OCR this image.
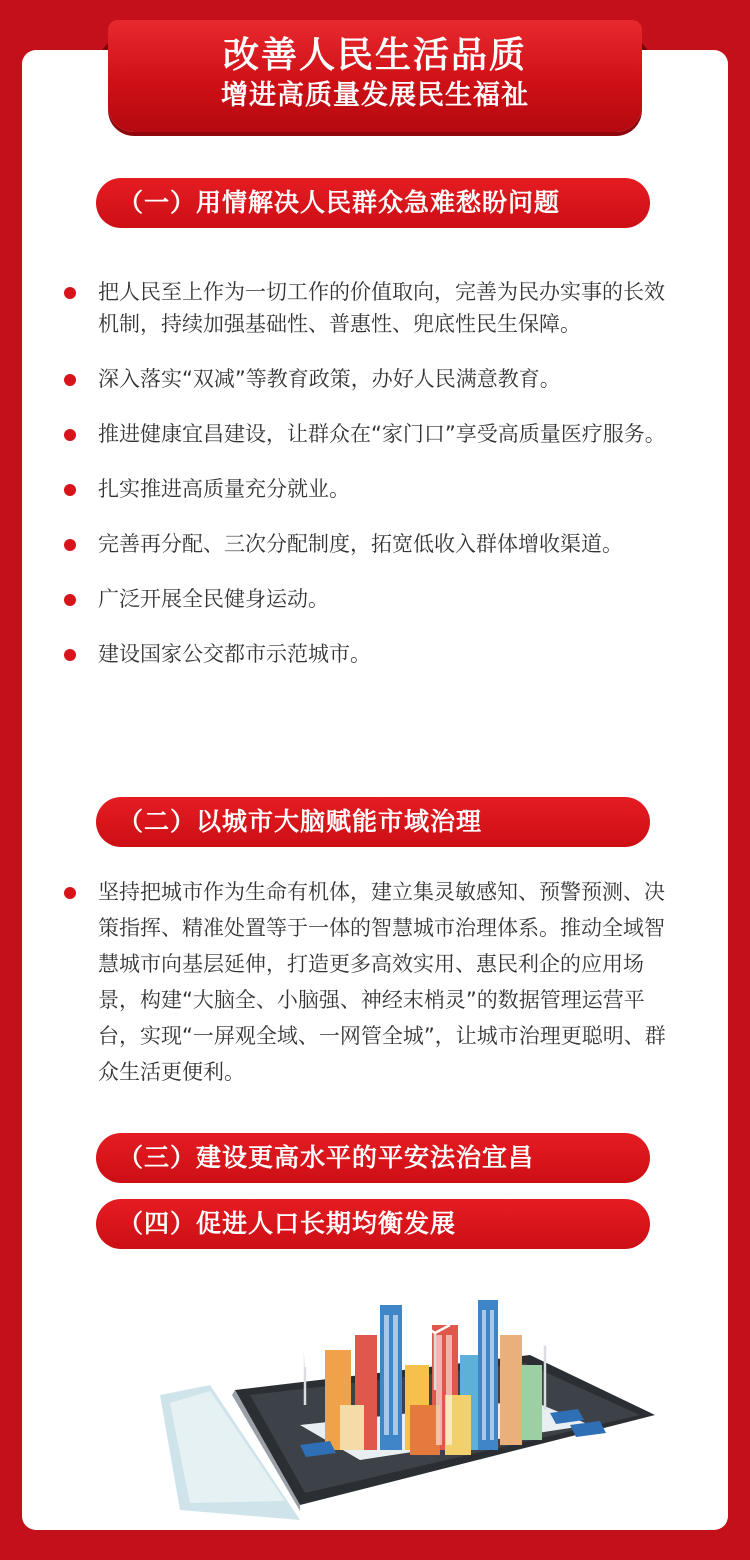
改善人民生活品质
增进高质量发展民生福祉
（一）用情解决人民群众急难愁盼问题
把人民至上作为一切工作的价值取向，完善为民办实事的长效机制，持续加强基础性、普惠性、兜底性民生保障。
深入落实“双减”等教育政策，办好人民满意教育。
推进健康宜昌建设，让群众在“家门口”享受高质量医疗服务。
扎实推进高质量充分就业。
完善再分配、三次分配制度，拓宽低收入群体增收渠道。
广泛开展全民健身运动。
建设国家公交都市示范城市。
（二）以城市大脑赋能市域治理
坚持把城市作为生命有机体，建立集灵敏感知、预警预测、决策指挥、精准处置等于一体的智慧城市治理体系。推动全域智慧城市向基层延伸，打造更多高效实用、惠民利企的应用场景，构建“大脑全、小脑强、神经末梢灵”的数据管理运营平台，实现“一屏观全域、一网管全城”，让城市治理更聪明、群众生活更便利。
（三）建设更高水平的平安法治宜昌
（四）促进人口长期均衡发展
